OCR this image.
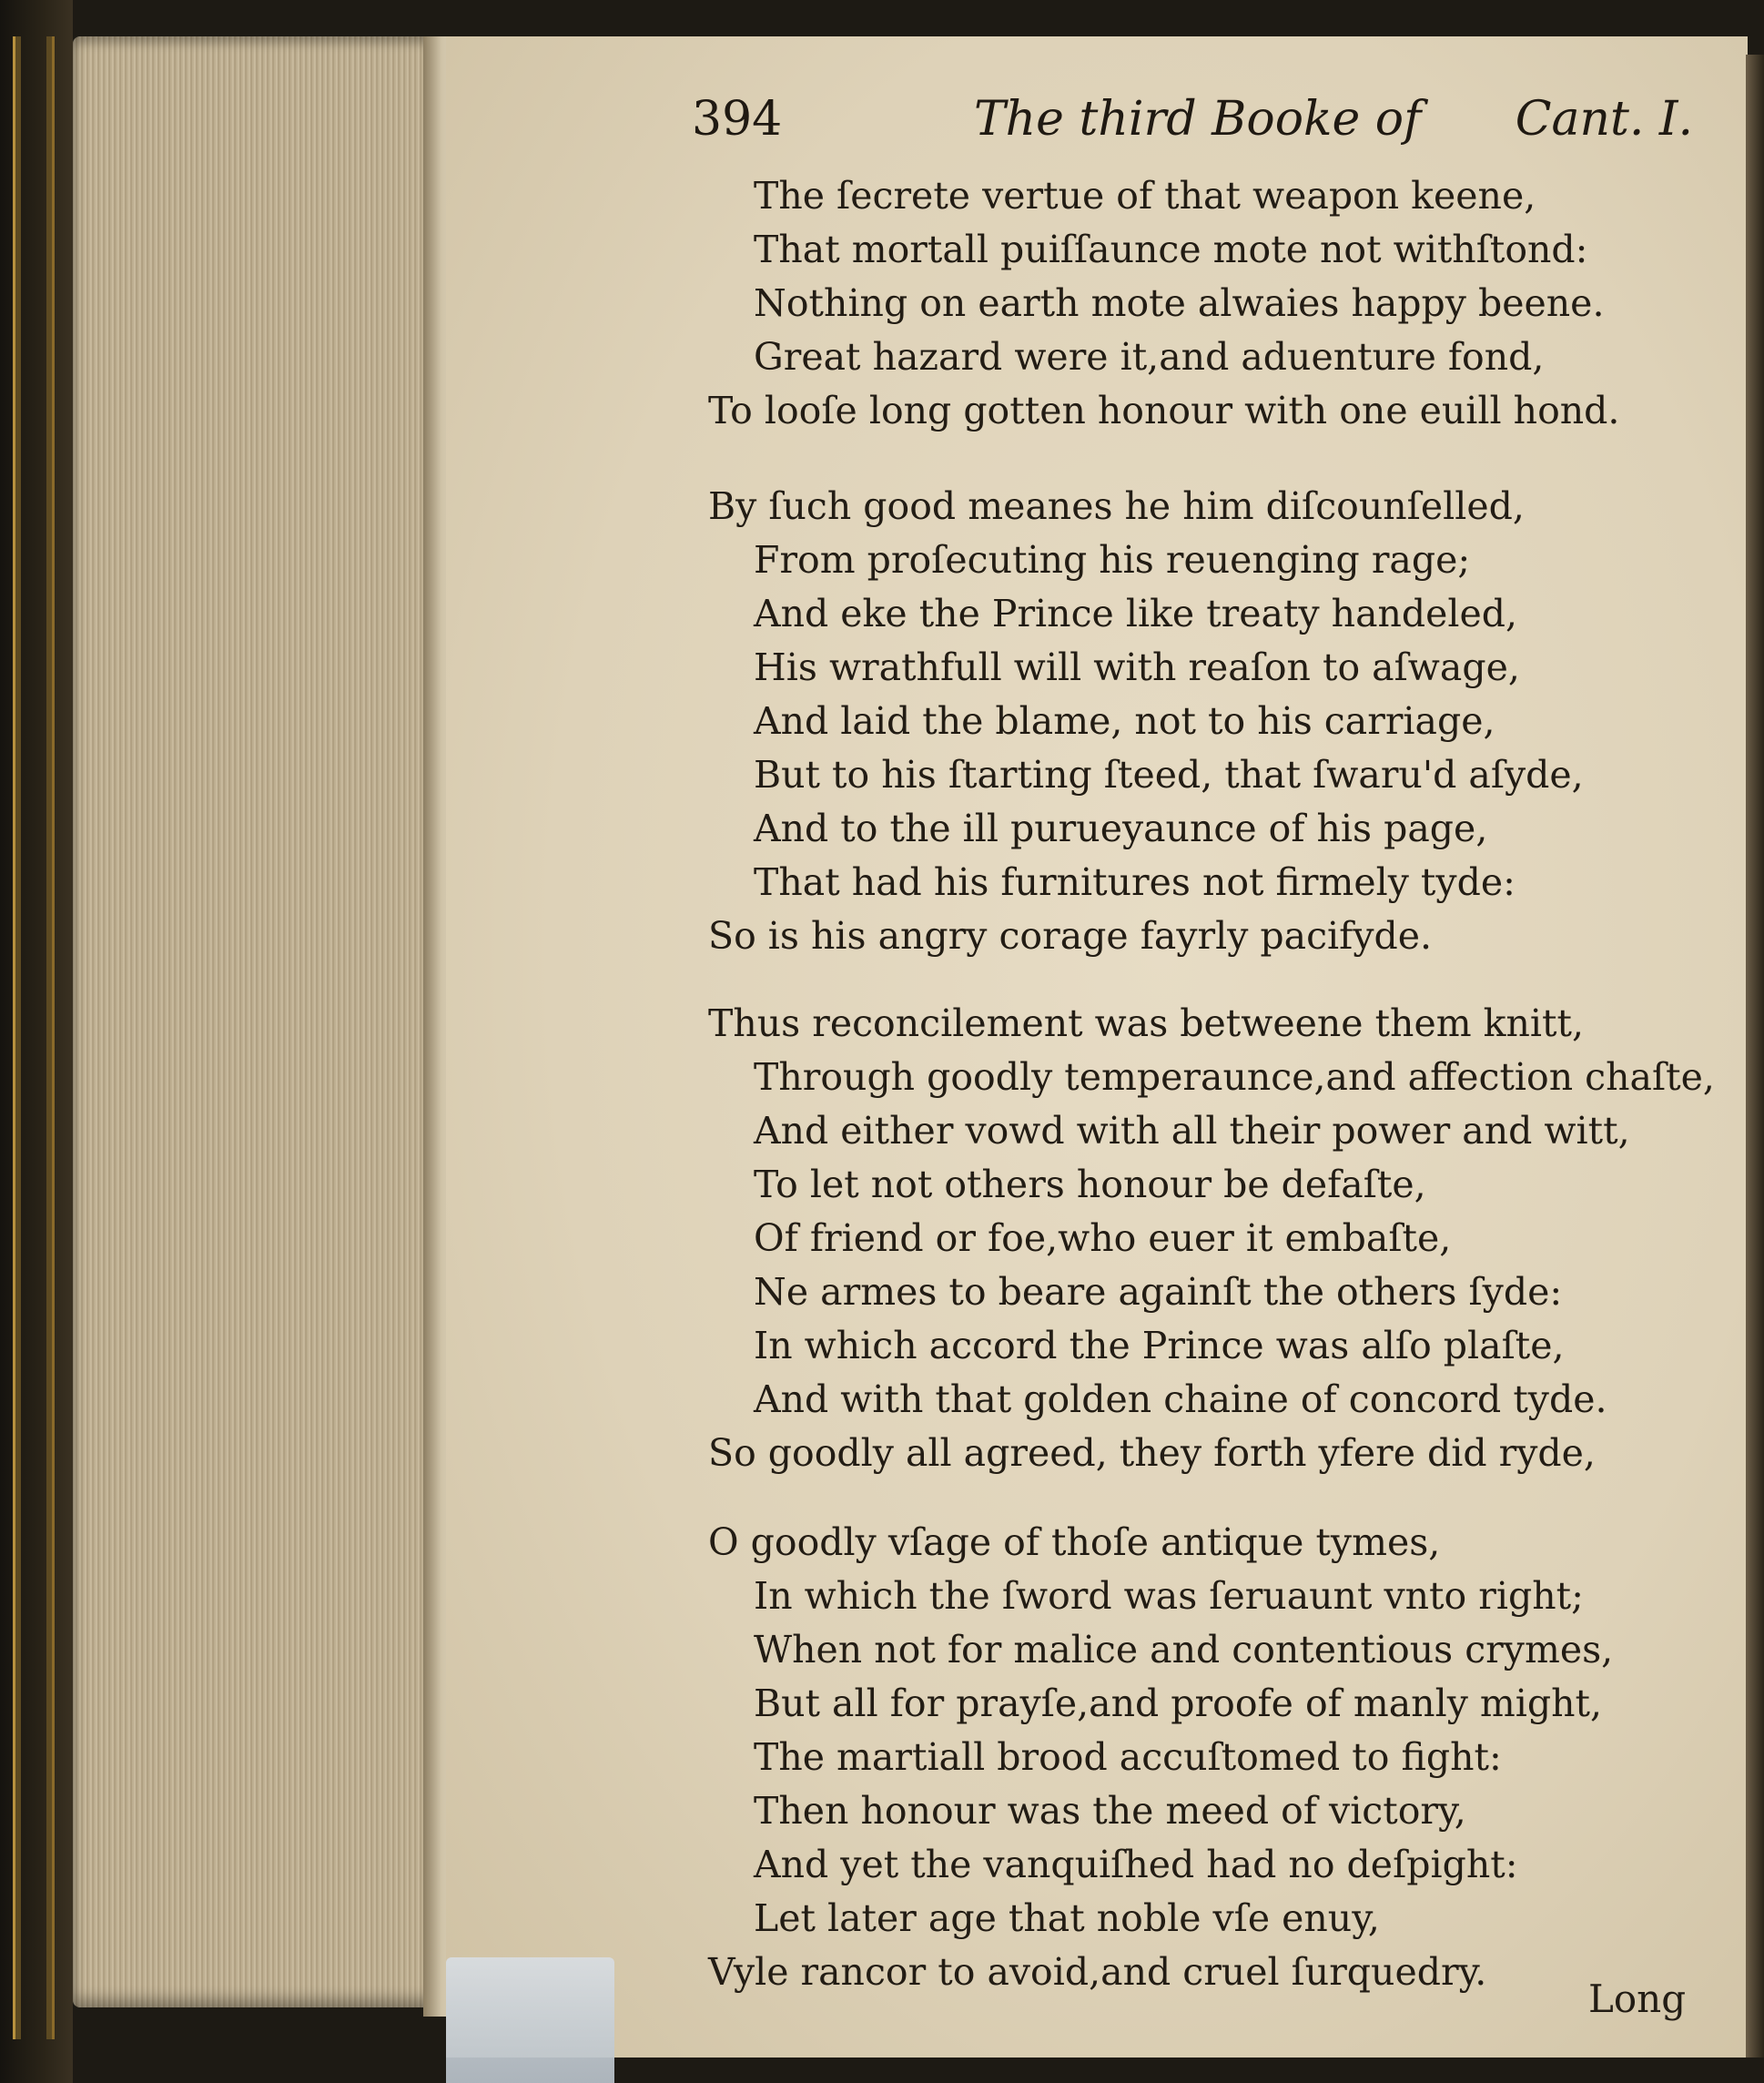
394	The third Booke of Cant. I.
The ſecrete vertue of that weapon keene,
That mortall puiſſaunce mote not withſtond:
Nothing on earth mote alwaies happy beene.
Great hazard were it,and aduenture fond,
To looſe long gotten honour with one euill hond.
By ſuch good meanes he him diſcounſelled,
From proſecuting his reuenging rage;
And eke the Prince like treaty handeled,
His wrathfull will with reaſon to aſwage,
And laid the blame, not to his carriage,
But to his ſtarting ſteed, that ſwaru'd aſyde,
And to the ill purueyaunce of his page,
That had his furnitures not firmely tyde:
So is his angry corage fayrly pacifyde.
Thus reconcilement was betweene them knitt,
Through goodly temperaunce,and affection chaſte,
And either vowd with all their power and witt,
To let not others honour be defaſte,
Of friend or foe,who euer it embaſte,
Ne armes to beare againſt the others ſyde:
In which accord the Prince was alſo plaſte,
And with that golden chaine of concord tyde.
So goodly all agreed, they forth yfere did ryde,
O goodly vſage of thoſe antique tymes,
In which the ſword was ſeruaunt vnto right;
When not for malice and contentious crymes,
But all for prayſe,and proofe of manly might,
The martiall brood accuſtomed to fight:
Then honour was the meed of victory,
And yet the vanquiſhed had no deſpight:
Let later age that noble vſe enuy,
Vyle rancor to avoid,and cruel ſurquedry.
Long
